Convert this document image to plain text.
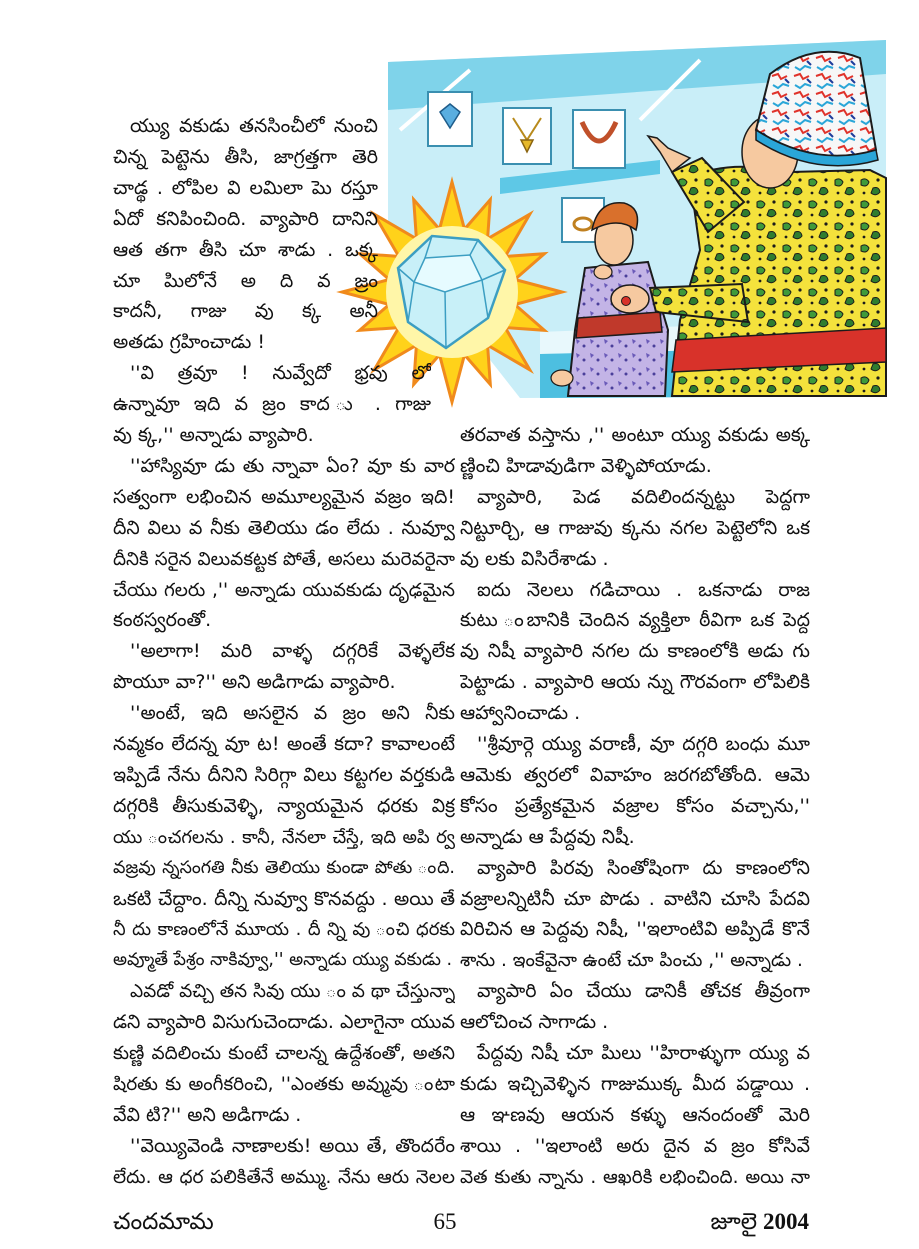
య్యు వకుడు తనసించీలో నుంచి
చిన్న పెట్టెను తీసి, జాగ్రత్తగా తెరి
చాడ్థ . లోపిల వి లమిలా పెు రస్తూ
ఏదో కనిపించింది. వ్యాపారి దానిని
ఆత తగా తీసి చూ శాడు . ఒక్క
చూ పిులోనే అ ది వ జ్రం
కాదనీ, గాజు వు క్క అనీ
అతడు గ్రహించాడు !
''వి త్రవూ ! నువ్వేదో భ్రవు లో
ఉన్నావూ ఇది వ జ్రం కాద ు . గాజు
వు క్క,'' అన్నాడు వ్యాపారి.
''హాస్యివూ డు తు న్నావా ఏం? వూ కు వార
సత్వంగా లభించిన అమూల్యమైన వజ్రం ఇది!
దీని విలు వ నీకు తెలియు డం లేదు . నువ్వూ
దీనికి సరైన విలువకట్టక పోతే, అసలు మరెవరైనా
చేయు గలరు ,'' అన్నాడు యువకుడు దృఢమైన
కంఠస్వరంతో.
''అలాగా! మరి వాళ్ళ దగ్గరికే వెళ్ళలేక
పొయూ వా?'' అని అడిగాడు వ్యాపారి.
''అంటే, ఇది అసలైన వ జ్రం అని నీకు
నవ్మకం లేదన్న వూ ట! అంతే కదా? కావాలంటే
ఇప్పిడే నేను దీనిని సిరిగ్గా విలు కట్టగల వర్తకుడి
దగ్గరికి తీసుకువెళ్ళి, న్యాయమైన ధరకు విక్ర
యు ంచగలను . కానీ, నేనలా చేస్తే, ఇది అపి ర్వ
వజ్రవు న్నసంగతి నీకు తెలియు కుండా పోతు ంది.
ఒకటి చేద్దాం. దీన్ని నువ్వూ కొనవద్దు . అయి తే
నీ దు కాణంలోనే మూయ . దీ న్ని వు ంచి ధరకు
అవ్మూతే పేశ్రం నాకివ్వూ,'' అన్నాడు య్యు వకుడు .
ఎవడో వచ్చి తన సివు యు ం వ థా చేస్తున్నా
డని వ్యాపారి విసుగుచెందాడు. ఎలాగైనా యువ
కుణ్ణి వదిలించు కుంటే చాలన్న ఉద్దేశంతో, అతని
షిరతు కు అంగీకరించి, ''ఎంతకు అవ్మువు ంటా
వేవి టి?'' అని అడిగాడు .
''వెయ్యివెండి నాణాలకు! అయి తే, తొందరేం
లేదు. ఆ ధర పలికితేనే అమ్ము. నేను ఆరు నెలల
తరవాత వస్తాను ,'' అంటూ య్యు వకుడు అక్క
ణ్ణించి హిడావుడిగా వెళ్ళిపోయాడు.
వ్యాపారి, పెడ వదిలిందన్నట్టు పెద్దగా
నిట్టూర్చి, ఆ గాజువు క్కను నగల పెట్టెలోని ఒక
వు లకు విసిరేశాడు .
ఐదు నెలలు గడిచాయి . ఒకనాడు రాజ
కుటు ంబానికి చెందిన వ్యక్తిలా ఠీవిగా ఒక పెద్ద
వు నిషీ వ్యాపారి నగల దు కాణంలోకి అడు గు
పెట్టాడు . వ్యాపారి ఆయ న్ను గౌరవంగా లోపిలికి
ఆహ్వానించాడు .
''శ్రీవూర్గె య్యు వరాణీ, వూ దగ్గరి బంధు మూ
ఆమెకు త్వరలో వివాహం జరగబోతోంది. ఆమె
కోసం ప్రత్యేకమైన వజ్రాల కోసం వచ్చాను,''
అన్నాడు ఆ పేద్దవు నిషీ.
వ్యాపారి పిరవు సింతోషింగా దు కాణంలోని
వజ్రాలన్నిటినీ చూ పొడు . వాటిని చూసి పేదవి
విరిచిన ఆ పెద్దవు నిషీ, ''ఇలాంటివి అప్పిడే కొనే
శాను . ఇంకేవైనా ఉంటే చూ పించు ,'' అన్నాడు .
వ్యాపారి ఏం చేయు డానికీ తోచక తీవ్రంగా
ఆలోచించ సాగాడు .
పేద్దవు నిషీ చూ పిులు ''హిరాళ్ళుగా య్యు వ
కుడు ఇచ్చివెళ్ళిన గాజుముక్క మీద పడ్డాయి .
ఆ ఞణవు ఆయన కళ్ళు ఆనందంతో మెరి
శాయి . ''ఇలాంటి అరు దైన వ జ్రం కోసివే
వెత కుతు న్నాను . ఆఖరికి లభించింది. అయి నా
చందమామ	65	జూలై 2004
